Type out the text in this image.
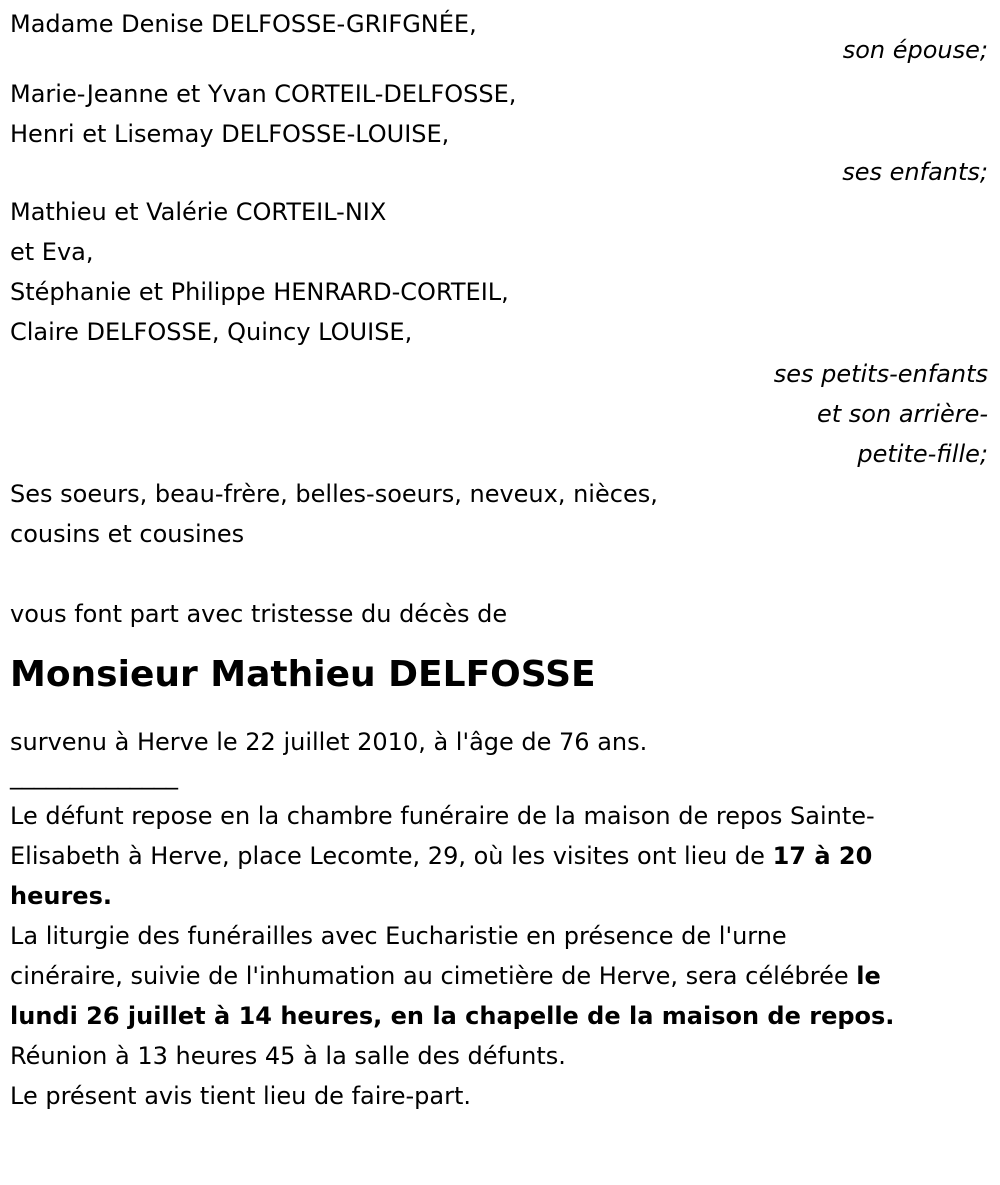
Madame Denise DELFOSSE-GRIFGNÉE,
son épouse;
Marie-Jeanne et Yvan CORTEIL-DELFOSSE,
Henri et Lisemay DELFOSSE-LOUISE,
ses enfants;
Mathieu et Valérie CORTEIL-NIX
et Eva,
Stéphanie et Philippe HENRARD-CORTEIL,
Claire DELFOSSE, Quincy LOUISE,
ses petits-enfants
et son arrière-
petite-fille;
Ses soeurs, beau-frère, belles-soeurs, neveux, nièces,
cousins et cousines
vous font part avec tristesse du décès de
Monsieur Mathieu DELFOSSE
survenu à Herve le 22 juillet 2010, à l'âge de 76 ans.
______________
Le défunt repose en la chambre funéraire de la maison de repos Sainte-
Elisabeth à Herve, place Lecomte, 29, où les visites ont lieu de 17 à 20
heures.
La liturgie des funérailles avec Eucharistie en présence de l'urne
cinéraire, suivie de l'inhumation au cimetière de Herve, sera célébrée le
lundi 26 juillet à 14 heures, en la chapelle de la maison de repos.
Réunion à 13 heures 45 à la salle des défunts.
Le présent avis tient lieu de faire-part.
